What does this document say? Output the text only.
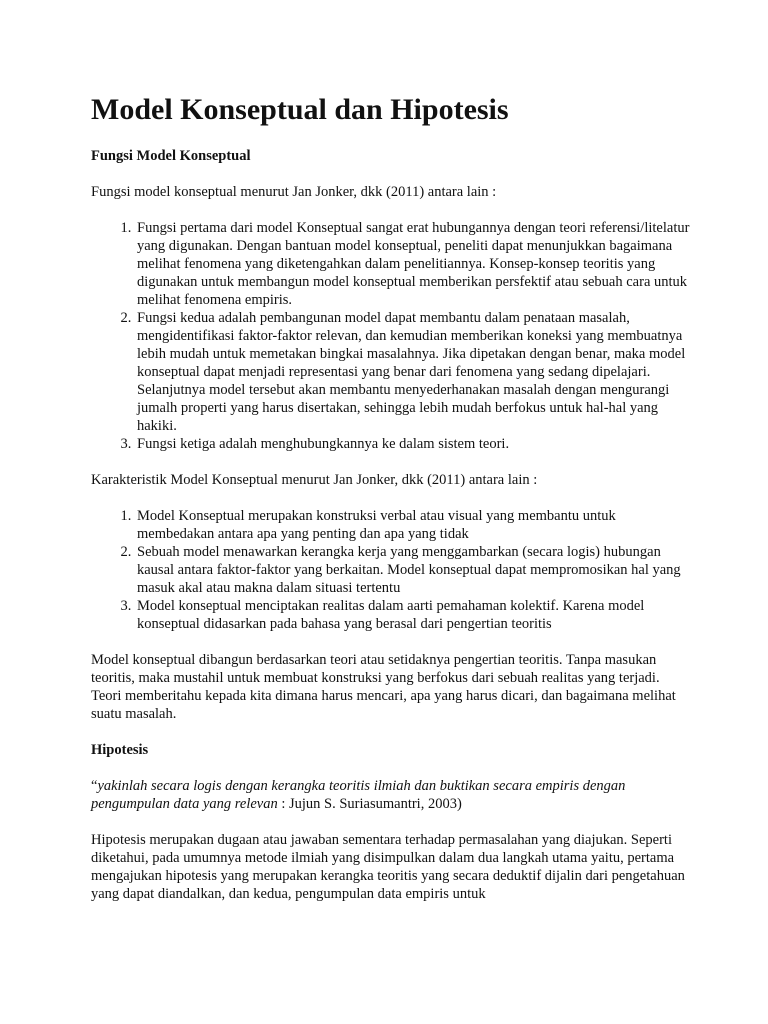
Model Konseptual dan Hipotesis
Fungsi Model Konseptual

Fungsi model konseptual menurut Jan Jonker, dkk (2011) antara lain :

1. Fungsi pertama dari model Konseptual sangat erat hubungannya dengan teori referensi/litelatur yang digunakan. Dengan bantuan model konseptual, peneliti dapat menunjukkan bagaimana melihat fenomena yang diketengahkan dalam penelitiannya. Konsep-konsep teoritis yang digunakan untuk membangun model konseptual memberikan persfektif atau sebuah cara untuk melihat fenomena empiris.
2. Fungsi kedua adalah pembangunan model dapat membantu dalam penataan masalah, mengidentifikasi faktor-faktor relevan, dan kemudian memberikan koneksi yang membuatnya lebih mudah untuk memetakan bingkai masalahnya. Jika dipetakan dengan benar, maka model konseptual dapat menjadi representasi yang benar dari fenomena yang sedang dipelajari. Selanjutnya model tersebut akan membantu menyederhanakan masalah dengan mengurangi jumalh properti yang harus disertakan, sehingga lebih mudah berfokus untuk hal-hal yang hakiki.
3. Fungsi ketiga adalah menghubungkannya ke dalam sistem teori.

Karakteristik Model Konseptual menurut Jan Jonker, dkk (2011) antara lain :

1. Model Konseptual merupakan konstruksi verbal atau visual yang membantu untuk membedakan antara apa yang penting dan apa yang tidak
2. Sebuah model menawarkan kerangka kerja yang menggambarkan (secara logis) hubungan kausal antara faktor-faktor yang berkaitan. Model konseptual dapat mempromosikan hal yang masuk akal atau makna dalam situasi tertentu
3. Model konseptual menciptakan realitas dalam aarti pemahaman kolektif. Karena model konseptual didasarkan pada bahasa yang berasal dari pengertian teoritis

Model konseptual dibangun berdasarkan teori atau setidaknya pengertian teoritis. Tanpa masukan teoritis, maka mustahil untuk membuat konstruksi yang berfokus dari sebuah realitas yang terjadi. Teori memberitahu kepada kita dimana harus mencari, apa yang harus dicari, dan bagaimana melihat suatu masalah.

Hipotesis

“yakinlah secara logis dengan kerangka teoritis ilmiah dan buktikan secara empiris dengan pengumpulan data yang relevan : Jujun S. Suriasumantri, 2003)

Hipotesis merupakan dugaan atau jawaban sementara terhadap permasalahan yang diajukan. Seperti diketahui, pada umumnya metode ilmiah yang disimpulkan dalam dua langkah utama yaitu, pertama mengajukan hipotesis yang merupakan kerangka teoritis yang secara deduktif dijalin dari pengetahuan yang dapat diandalkan, dan kedua, pengumpulan data empiris untuk
